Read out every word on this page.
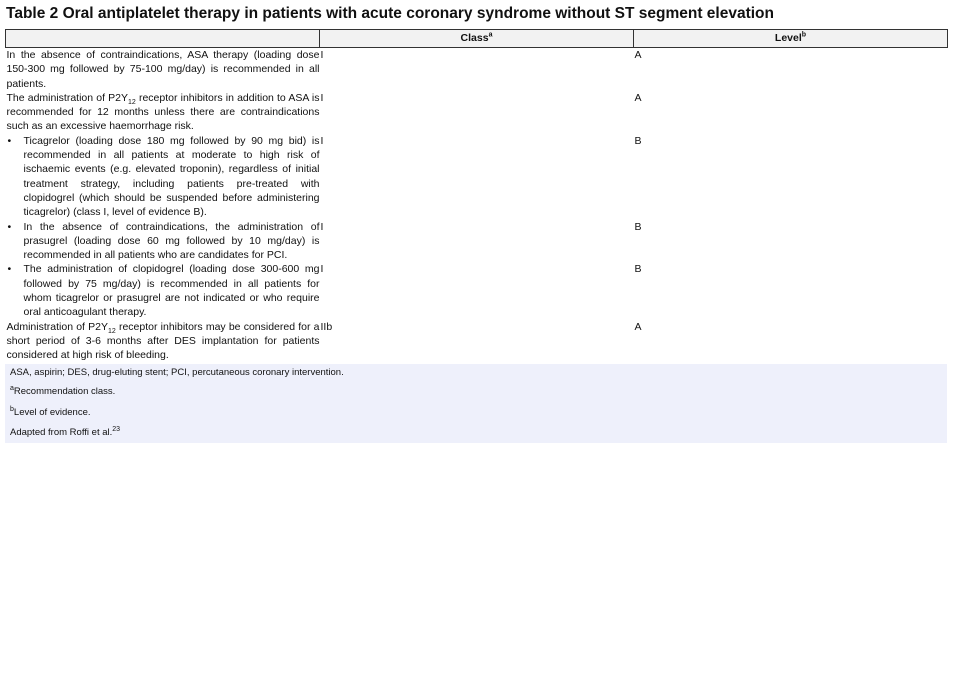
Table 2 Oral antiplatelet therapy in patients with acute coronary syndrome without ST segment elevation
	Class$^a$	Level$^b$
In the absence of contraindications, ASA therapy (loading dose 150-300 mg followed by 75-100 mg/day) is recommended in all patients.	I	A
The administration of $P2Y_{12}$ receptor inhibitors in addition to ASA is recommended for 12 months unless there are contraindications such as an excessive haemorrhage risk.	I	A

• Ticagrelor (loading dose 180 mg followed by 90 mg bid) is recommended in all patients at moderate to high risk of ischaemic events (e.g. elevated troponin), regardless of initial treatment strategy, including patients pre-treated with clopidogrel (which should be suspended before administering ticagrelor) (class I, level of evidence B).	I	B

• In the absence of contraindications, the administration of prasugrel (loading dose 60 mg followed by 10 mg/day) is recommended in all patients who are candidates for PCI.	I	B

• The administration of clopidogrel (loading dose 300-600 mg followed by 75 mg/day) is recommended in all patients for whom ticagrelor or prasugrel are not indicated or who require oral anticoagulant therapy.	I	B
Administration of $P2Y_{12}$ receptor inhibitors may be considered for a short period of 3-6 months after DES implantation for patients considered at high risk of bleeding.	IIb	A
ASA, aspirin; DES, drug-eluting stent; PCI, percutaneous coronary intervention.
$^a$Recommendation class.
$^b$Level of evidence.
Adapted from Roffi et al.$^{23}$
